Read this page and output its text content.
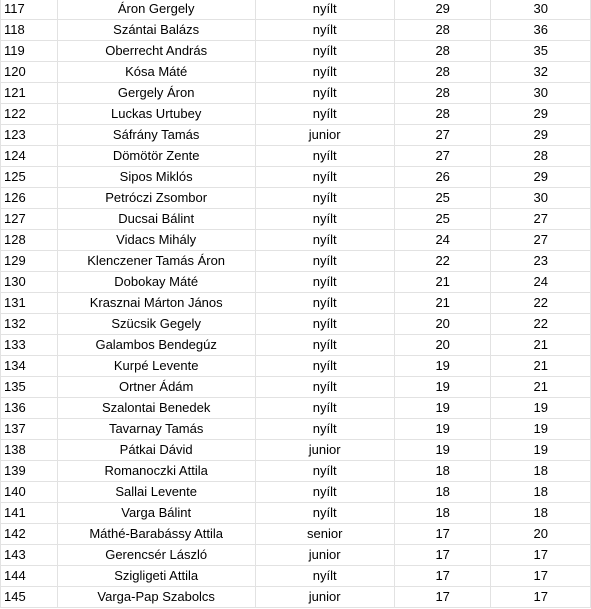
117	Áron Gergely	nyílt	29	30
118	Szántai Balázs	nyílt	28	36
119	Oberrecht András	nyílt	28	35
120	Kósa Máté	nyílt	28	32
121	Gergely Áron	nyílt	28	30
122	Luckas Urtubey	nyílt	28	29
123	Sáfrány Tamás	junior	27	29
124	Dömötör Zente	nyílt	27	28
125	Sipos Miklós	nyílt	26	29
126	Petróczi Zsombor	nyílt	25	30
127	Ducsai Bálint	nyílt	25	27
128	Vidacs Mihály	nyílt	24	27
129	Klenczener Tamás Áron	nyílt	22	23
130	Dobokay Máté	nyílt	21	24
131	Krasznai Márton János	nyílt	21	22
132	Szücsik Gegely	nyílt	20	22
133	Galambos Bendegúz	nyílt	20	21
134	Kurpé Levente	nyílt	19	21
135	Ortner Ádám	nyílt	19	21
136	Szalontai Benedek	nyílt	19	19
137	Tavarnay Tamás	nyílt	19	19
138	Pátkai Dávid	junior	19	19
139	Romanoczki Attila	nyílt	18	18
140	Sallai Levente	nyílt	18	18
141	Varga Bálint	nyílt	18	18
142	Máthé-Barabássy Attila	senior	17	20
143	Gerencsér László	junior	17	17
144	Szigligeti Attila	nyílt	17	17
145	Varga-Pap Szabolcs	junior	17	17
